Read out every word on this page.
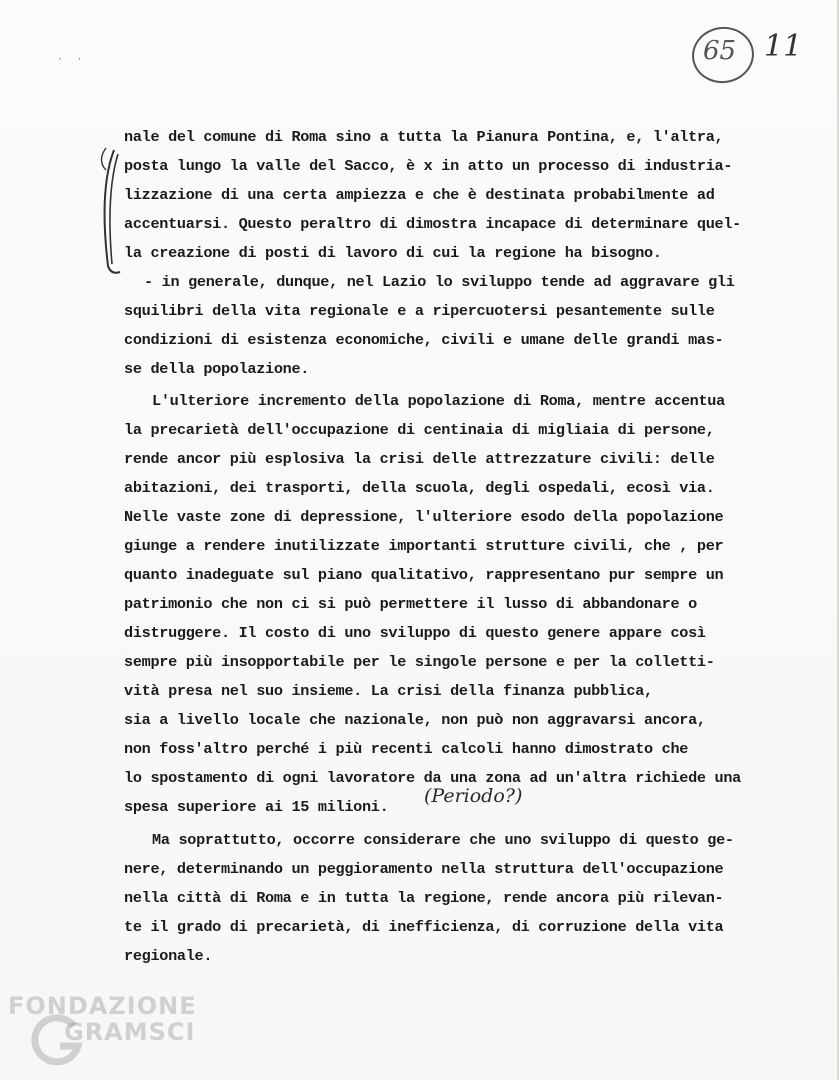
· ·	65 11

nale del comune di Roma sino a tutta la Pianura Pontina, e, l'altra,

posta lungo la valle del Sacco, è x in atto un processo di industria-

lizzazione di una certa ampiezza e che è destinata probabilmente ad

accentuarsi. Questo peraltro di dimostra incapace di determinare quel-

la creazione di posti di lavoro di cui la regione ha bisogno.

- in generale, dunque, nel Lazio lo sviluppo tende ad aggravare gli

squilibri della vita regionale e a ripercuotersi pesantemente sulle

condizioni di esistenza economiche, civili e umane delle grandi mas-

se della popolazione.

L'ulteriore incremento della popolazione di Roma, mentre accentua

la precarietà dell'occupazione di centinaia di migliaia di persone,

rende ancor più esplosiva la crisi delle attrezzature civili: delle

abitazioni, dei trasporti, della scuola, degli ospedali, ecosì via.

Nelle vaste zone di depressione, l'ulteriore esodo della popolazione

giunge a rendere inutilizzate importanti strutture civili, che , per

quanto inadeguate sul piano qualitativo, rappresentano pur sempre un

patrimonio che non ci si può permettere il lusso di abbandonare o

distruggere. Il costo di uno sviluppo di questo genere appare così

sempre più insopportabile per le singole persone e per la colletti-

vità presa nel suo insieme. La crisi della finanza pubblica,

sia a livello locale che nazionale, non può non aggravarsi ancora,

non foss'altro perché i più recenti calcoli hanno dimostrato che

lo spostamento di ogni lavoratore da una zona ad un'altra richiede una

spesa superiore ai 15 milioni.

Ma soprattutto, occorre considerare che uno sviluppo di questo ge-

nere, determinando un peggioramento nella struttura dell'occupazione

nella città di Roma e in tutta la regione, rende ancora più rilevan-

te il grado di precarietà, di inefficienza, di corruzione della vita

regionale.

(Periodo?)
FONDAZIONE
GRAMSCI
